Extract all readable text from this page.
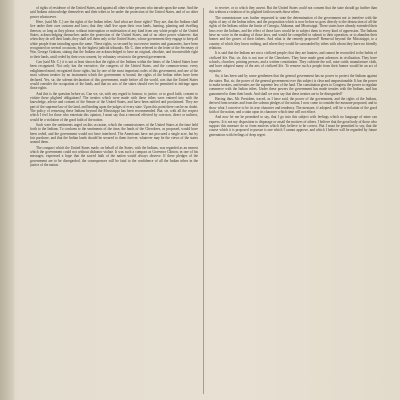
of rights of residence of the United States, and against all other white persons who intrude upon the same. And the said Indians acknowledge themselves and their tribes to be under the protection of the United States, and of no other power whatsoever.

Here, (said Mr. C.) are the rights of the Indian tribes. And what are those rights? They are, that the Indians shall live under their own customs and laws; that they shall live upon their own lands, hunting, planting and dwelling thereon, so long as they please, without interruption or molestation of any kind from any white people of the United States, acknowledging themselves under the protection of the United States, and of no other power whatever; that when they do sell their lands, they shall sell them only to the United States, whose government they engage to keep all white people from intruding upon the same. These rights, so secured by successive treaties and guaranties, have been recognized on several occasions, by the highest judicial tribunals. Mr. C. then referred to the letter of the Secretary of War, George Graham, stating that the Indians are acknowledged to have an original, absolute, and incontestible right to their lands, until ceded by their own consent, by voluntary cession to the general government.

Can (said Mr. C.) it is not at least shown that the rights of the Indians within the limits of the United States have been recognized. Not only has the executive, the congress of the United States, and the common-sense, every enlightened mind, recognized those rights, but by one of the most important codes of this government, and one of the most solemn treaties by an instrument which the government is bound, the rights of the Indian tribes have been declared. Yes, sir, the solemn declaration of this government, made before all the world, was that the United States would consider the occupation of the lands, and that no acts of the states should ever be permitted to infringe upon those rights.

And this is the question before us. Can we, sir, with any regard to honour, to justice, or to good faith, consent to violate these plighted obligations? The treaties which were made with these tribes were entered into with the knowledge, advice and consent of the Senate of the United States, and have been ratified and proclaimed. They are part of the supreme law of the land, and binding upon the judges of every state. Upon this point there can be no doubt. The policy of removing these Indians beyond the Mississippi has been recommended. But, sir, with all the respect which I feel for those who entertain this opinion, I must say that a removal effected by coercion, direct or indirect, would be a violation of the good faith of the nation.

Such were the sentiments urged on this occasion, which the commissioners of the United States at the time held forth to the Indians. To conform to the sentiments of the time, the lands of the Cherokees, as proposed, would have been ceded, and the government would not have interfered. The Americans have not procured a single acre, but by fair purchase, and that the Indian lands should be secured to them forever, whatever may be the views of the states around them.

The compact which the United States made, on behalf of the States, with the Indians, was regarded as an earnest which the government could not without dishonor violate. It was such a compact as Governor Clinton, in one of his messages, expressed a hope that the sacred faith of the nation would always observe. If these pledges of the government are to be disregarded, the consequences will be fatal to the confidence of all the Indian tribes in the justice of the nation.

to receive, or to which they assent. But the United States could not consent that the state should go further than this without a violation of its plighted faith towards those tribes.

The commissioner was further requested to state the determination of the government not to interfere with the rights of any of the Indian tribes, and the proposition which is now before us goes directly to the destruction of all the rights of the Indians within the limits of Georgia, Alabama, and Mississippi. These states have already extended their laws over the Indians, and the effect of those laws would be to subject them to every kind of oppression. The Indians have no voice in the making of those laws, and would be compelled to submit to their operation, or to abandon their homes and the graves of their fathers. And what is the remedy proposed? Removal beyond the Mississippi, to a country of which they know nothing, and where they would be surrounded by tribes with whom they have no friendly relations.

It is said that the Indians are not a civilized people; that they are hunters, and cannot be reconciled to the habits of civilized life. But, sir, this is not true of the Cherokees. They have made great advances in civilization. They have schools, churches, printing presses, and a written constitution. They cultivate the soil, raise cattle, manufacture cloth, and have adopted many of the arts of civilized life. To remove such a people from their homes would be an act of injustice.

Sir, it has been said by some gentlemen that the general government has no power to protect the Indians against the states. But, sir, the power of the general government over this subject is clear and unquestionable. It has the power to make treaties, and treaties are the supreme law of the land. The constitution gives to Congress the power to regulate commerce with the Indian tribes. Under these powers the government has made treaties with the Indians, and has guaranteed to them their lands. And shall we now say that these treaties are to be disregarded?

Having thus, Mr. President, traced, as I have said, the power of the government, and the rights of the Indians, derived from treaties and from the solemn pledges of the nation, I now come to consider the measure proposed, and to show what I conceive to be its true character and tendency. The measure, if adopted, will be a violation of the good faith of the nation, and a stain upon its character which time will not efface.

And now let me be permitted to say, that I go into this subject with feelings which no language of mine can express. It is not my disposition to disparage or assail the motives of others. I believe that the great body of those who support this measure do so from motives which they believe to be correct. But I must be permitted to say, that the course which it is proposed to pursue is one which I cannot approve, and which I believe will be regarded by future generations with feelings of deep regret.
